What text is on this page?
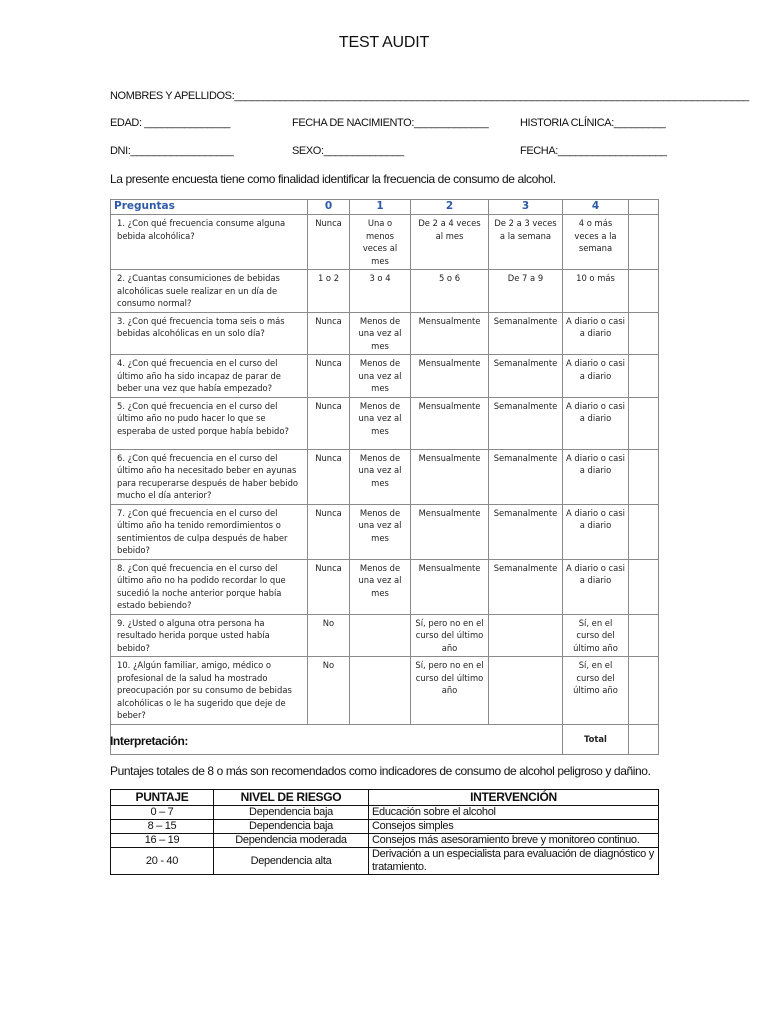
TEST AUDIT
NOMBRES Y APELLIDOS:__________________________________________________________________________________________
EDAD: _______________	FECHA DE NACIMIENTO:_____________	HISTORIA CLÍNICA:_________
DNI:__________________	SEXO:______________	FECHA:___________________
La presente encuesta tiene como finalidad identificar la frecuencia de consumo de alcohol.
Preguntas	0	1	2	3	4	
1. ¿Con qué frecuencia consume alguna bebida alcohólica?	Nunca	Una o menos veces al mes	De 2 a 4 veces al mes	De 2 a 3 veces a la semana	4 o más veces a la semana	
2. ¿Cuantas consumiciones de bebidas alcohólicas suele realizar en un día de consumo normal?	1 o 2	3 o 4	5 o 6	De 7 a 9	10 o más	
3. ¿Con qué frecuencia toma seis o más bebidas alcohólicas en un solo día?	Nunca	Menos de una vez al mes	Mensualmente	Semanalmente	A diario o casi a diario	
4. ¿Con qué frecuencia en el curso del último año ha sido incapaz de parar de beber una vez que había empezado?	Nunca	Menos de una vez al mes	Mensualmente	Semanalmente	A diario o casi a diario	
5. ¿Con qué frecuencia en el curso del último año no pudo hacer lo que se esperaba de usted porque había bebido?	Nunca	Menos de una vez al mes	Mensualmente	Semanalmente	A diario o casi a diario	
6. ¿Con qué frecuencia en el curso del último año ha necesitado beber en ayunas para recuperarse después de haber bebido mucho el día anterior?	Nunca	Menos de una vez al mes	Mensualmente	Semanalmente	A diario o casi a diario	
7. ¿Con qué frecuencia en el curso del último año ha tenido remordimientos o sentimientos de culpa después de haber bebido?	Nunca	Menos de una vez al mes	Mensualmente	Semanalmente	A diario o casi a diario	
8. ¿Con qué frecuencia en el curso del último año no ha podido recordar lo que sucedió la noche anterior porque había estado bebiendo?	Nunca	Menos de una vez al mes	Mensualmente	Semanalmente	A diario o casi a diario	
9. ¿Usted o alguna otra persona ha resultado herida porque usted había bebido?	No		Sí, pero no en el curso del último año		Sí, en el curso del último año	
10. ¿Algún familiar, amigo, médico o profesional de la salud ha mostrado preocupación por su consumo de bebidas alcohólicas o le ha sugerido que deje de beber?	No		Sí, pero no en el curso del último año		Sí, en el curso del último año	
					Total	
Interpretación:
Puntajes totales de 8 o más son recomendados como indicadores de consumo de alcohol peligroso y dañino.
PUNTAJE	NIVEL DE RIESGO	INTERVENCIÓN
0 – 7	Dependencia baja	Educación sobre el alcohol
8 – 15	Dependencia baja	Consejos simples
16 – 19	Dependencia moderada	Consejos más asesoramiento breve y monitoreo continuo.
20 - 40	Dependencia alta	Derivación a un especialista para evaluación de diagnóstico y tratamiento.
